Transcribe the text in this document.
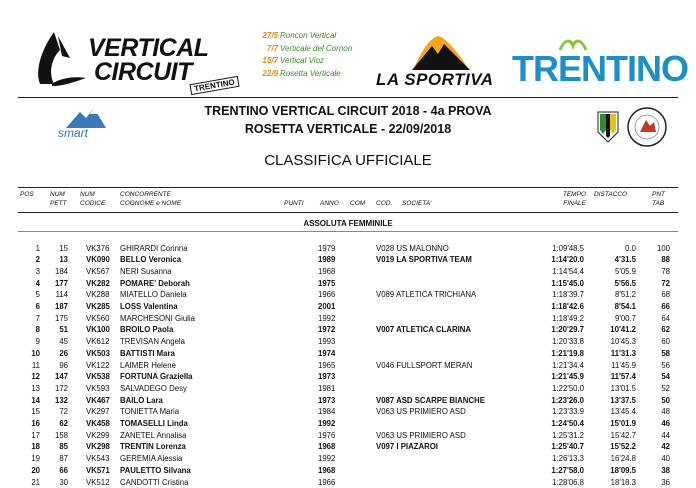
VERTICAL
CIRCUIT TRENTINO
27/5 Roncon Vertical
7/7 Verticale del Cornon
15/7 Vertical Vioz
22/9 Rosetta Verticale	LA SPORTIVA TRENTINO
smart
TRENTINO VERTICAL CIRCUIT 2018 - 4a PROVA
ROSETTA VERTICALE - 22/09/2018
CLASSIFICA UFFICIALE
POS	NUM PETT
NUM CODICE
CONCORRENTE COGNOME e NOME	PUNTI	ANNO COM COD. SOCIETA'
TEMPO FINALE
DISTACCO	PNT TAB
ASSOLUTA FEMMINILE
1	15 VK376 GHIRARDI Corinna	1979	V028 US MALONNO	1:09'48.5	0.0	100
2	13 VK090 BELLO Veronica	1989	V019 LA SPORTIVA TEAM	1:14'20.0	4'31.5	88
3	184 VK567 NERI Susanna	1968	1:14'54.4	5'05.9	78
4	177 VK282 POMARE' Deborah	1975	1:15'45.0	5'56.5	72
5	114 VK288 MIATELLO Daniela	1966	V089 ATLETICA TRICHIANA	1:18'39.7	8'51.2	68
6	187 VK285 LOSS Valentina	2001	1:18'42.6	8'54.1	66
7	175 VK560 MARCHESONI Giulia	1992	1:18'49.2	9'00.7	64
8	51 VK100 BROILO Paola	1972	V007 ATLETICA CLARINA	1:20'29.7	10'41.2	62
9	45 VK612 TREVISAN Angela	1993	1:20'33.8	10'45.3	60
10	26 VK503 BATTISTI Mara	1974	1:21'19.8	11'31.3	58
11	96 VK122 LAIMER Helene	1965	V046 FULLSPORT MERAN	1:21'34.4	11'45.9	56
12	147 VK538 FORTUNA Graziella	1973	1:21'45.9	11'57.4	54
13	172 VK593 SALVADEGO Desy	1981	1:22'50.0	13'01.5	52
14	132 VK467 BAILO Lara	1973	V087 ASD SCARPE BIANCHE	1:23'26.0	13'37.5	50
15	72 VK297 TONIETTA Maria	1984	V063 US PRIMIERO ASD	1:23'33.9	13'45.4	48
16	62 VK458 TOMASELLI Linda	1992	1:24'50.4	15'01.9	46
17	158 VK299 ZANETEL Annalisa	1976	V063 US PRIMIERO ASD	1:25'31.2	15'42.7	44
18	85 VK298 TRENTIN Lorenza	1968	V097 I PIAZAROI	1:25'40.7	15'52.2	42
19	87 VK543 GEREMIA Alessia	1992	1:26'13.3	16'24.8	40
20	66 VK571 PAULETTO Silvana	1968	1:27'58.0	18'09.5	38
21	30 VK512 CANDOTTI Cristina	1966	1:28'06.8	18'18.3	36
